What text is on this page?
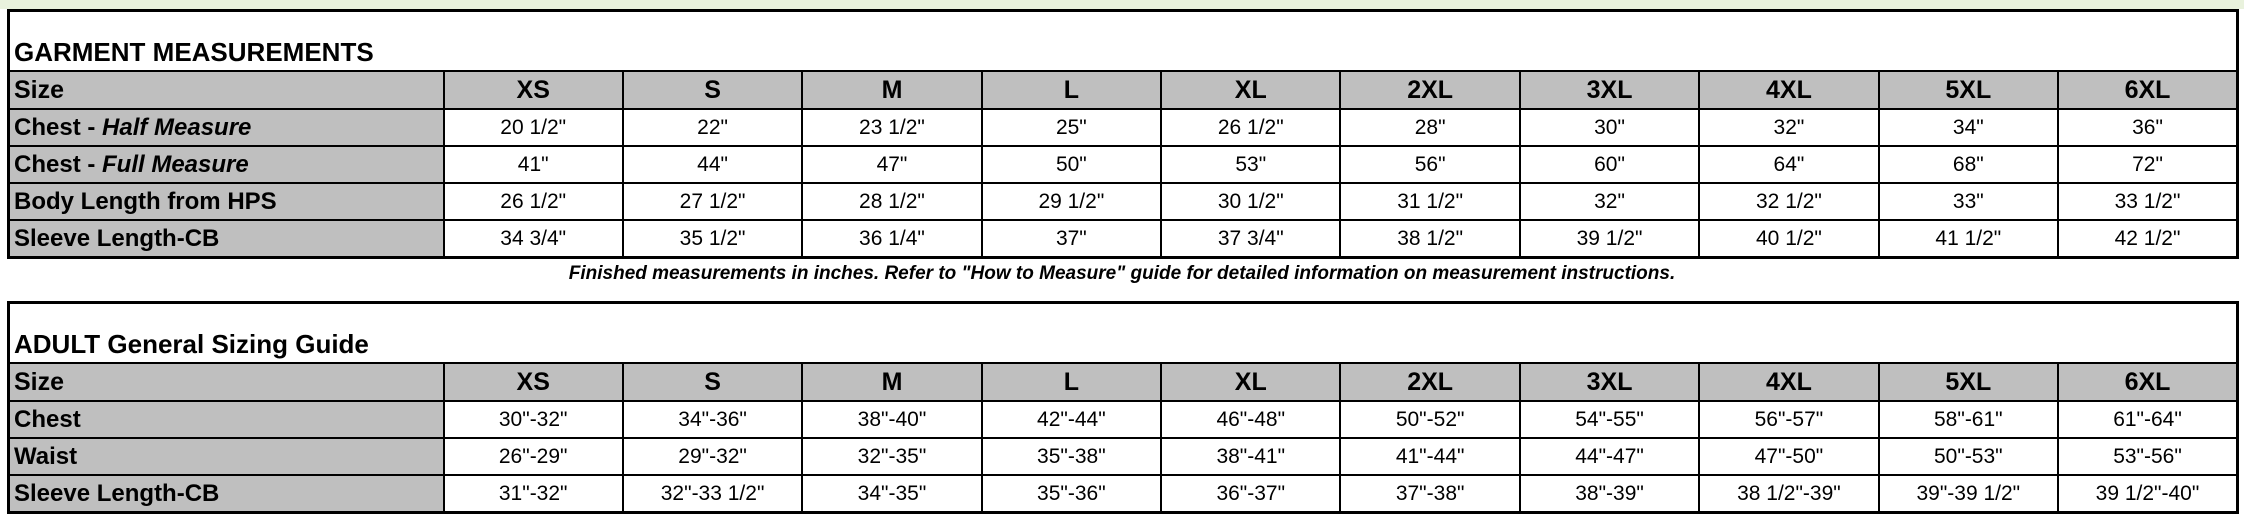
GARMENT MEASUREMENTS										
Size	XS	S	M	L	XL	2XL	3XL	4XL	5XL	6XL
Chest - Half Measure	20 1/2"	22"	23 1/2"	25"	26 1/2"	28"	30"	32"	34"	36"
Chest - Full Measure	41"	44"	47"	50"	53"	56"	60"	64"	68"	72"
Body Length from HPS	26 1/2"	27 1/2"	28 1/2"	29 1/2"	30 1/2"	31 1/2"	32"	32 1/2"	33"	33 1/2"
Sleeve Length-CB	34 3/4"	35 1/2"	36 1/4"	37"	37 3/4"	38 1/2"	39 1/2"	40 1/2"	41 1/2"	42 1/2"
Finished measurements in inches. Refer to "How to Measure" guide for detailed information on measurement instructions.
ADULT General Sizing Guide										
Size	XS	S	M	L	XL	2XL	3XL	4XL	5XL	6XL
Chest	30"-32"	34"-36"	38"-40"	42"-44"	46"-48"	50"-52"	54"-55"	56"-57"	58"-61"	61"-64"
Waist	26"-29"	29"-32"	32"-35"	35"-38"	38"-41"	41"-44"	44"-47"	47"-50"	50"-53"	53"-56"
Sleeve Length-CB	31"-32"	32"-33 1/2"	34"-35"	35"-36"	36"-37"	37"-38"	38"-39"	38 1/2"-39"	39"-39 1/2"	39 1/2"-40"
